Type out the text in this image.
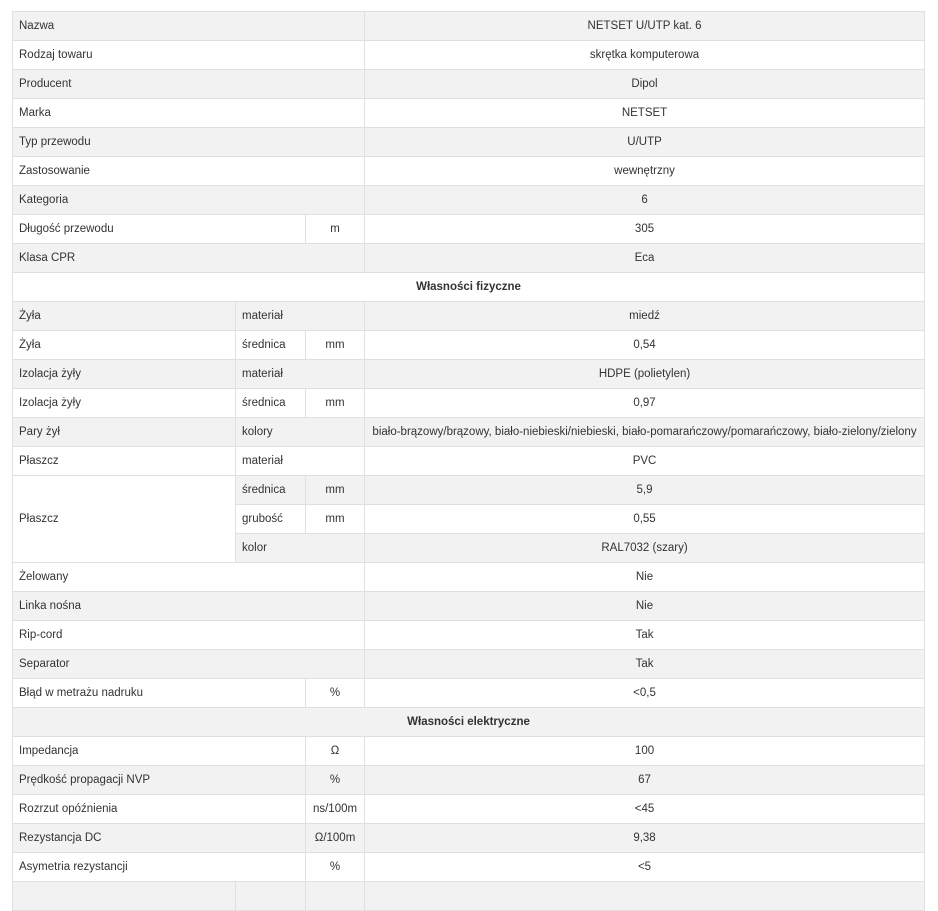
Nazwa			NETSET U/UTP kat. 6
Rodzaj towaru			skrętka komputerowa
Producent			Dipol
Marka			NETSET
Typ przewodu			U/UTP
Zastosowanie			wewnętrzny
Kategoria			6
Długość przewodu		m	305
Klasa CPR			Eca
Własności fizyczne			
Żyła	materiał		miedź
Żyła	średnica	mm	0,54
Izolacja żyły	materiał		HDPE (polietylen)
Izolacja żyły	średnica	mm	0,97
Pary żył	kolory		biało-brązowy/brązowy, biało-niebieski/niebieski, biało-pomarańczowy/pomarańczowy, biało-zielony/zielony
Płaszcz	materiał		PVC
Płaszcz	średnica	mm	5,9
	grubość	mm	0,55
	kolor		RAL7032 (szary)
Żelowany			Nie
Linka nośna			Nie
Rip-cord			Tak
Separator			Tak
Błąd w metrażu nadruku		%	<0,5
Własności elektryczne			
Impedancja		Ω	100
Prędkość propagacji NVP		%	67
Rozrzut opóźnienia		ns/100m	<45
Rezystancja DC		Ω/100m	9,38
Asymetria rezystancji		%	<5
